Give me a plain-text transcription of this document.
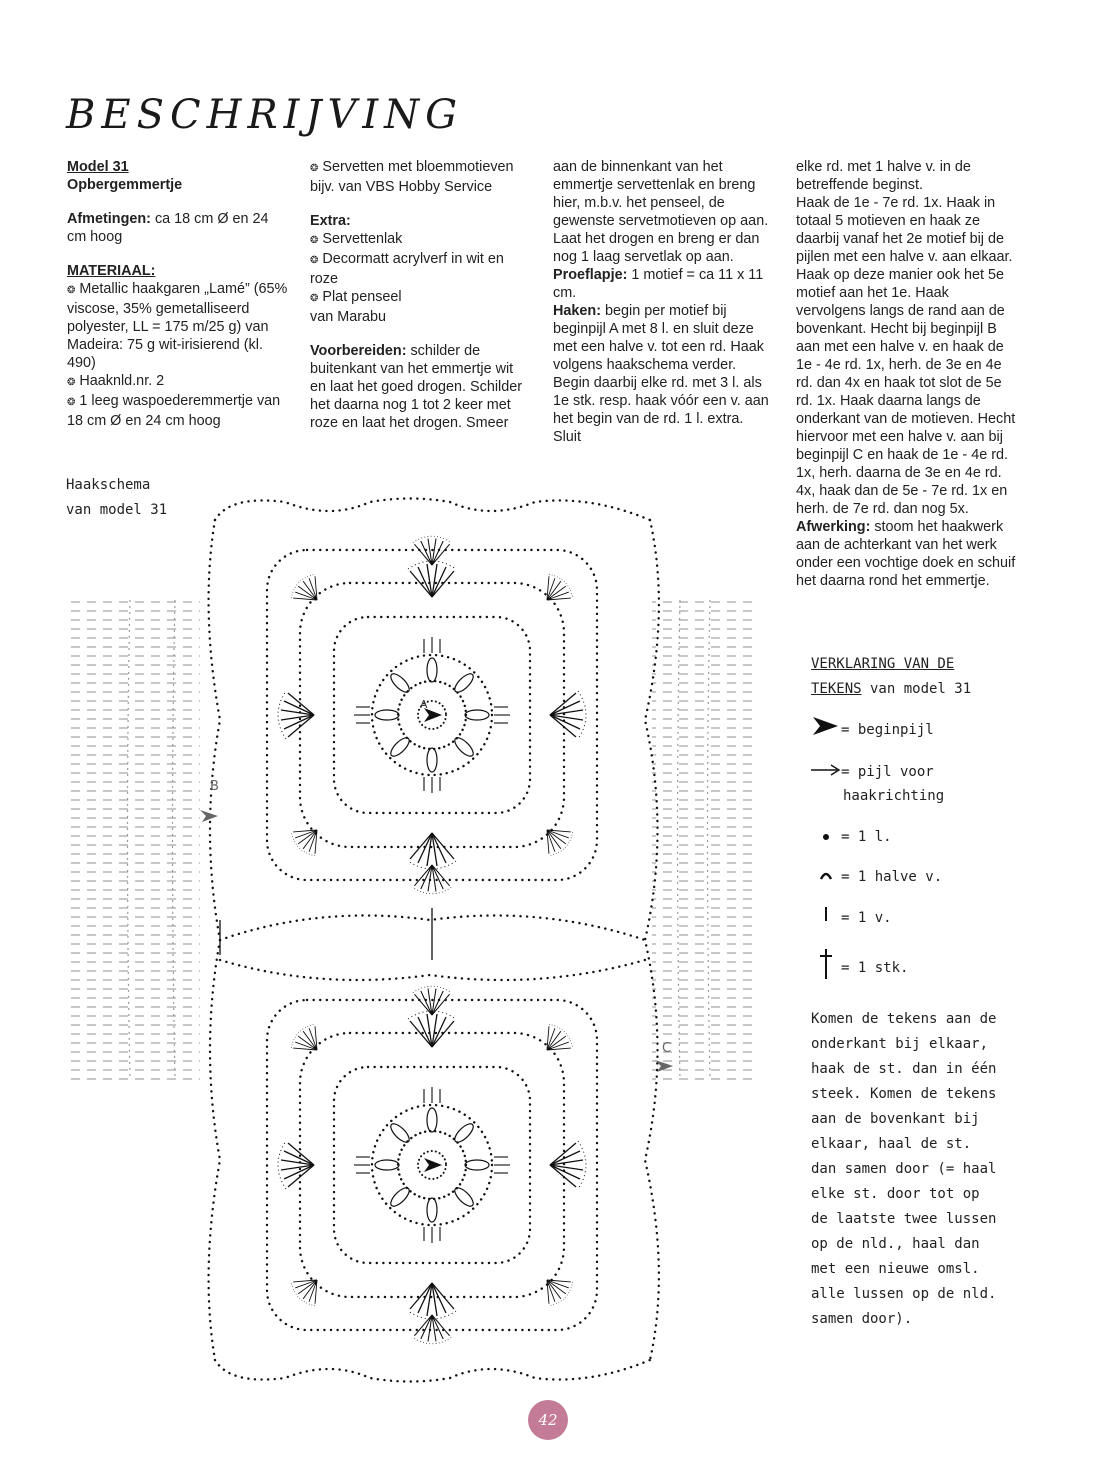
BESCHRIJVING
Model 31

Opbergemmertje

Afmetingen: ca 18 cm Ø en 24 cm hoog

MATERIAAL:
❂ Metallic haakgaren „Lamé” (65% viscose, 35% gemetalliseerd polyester, LL = 175 m/25 g) van Madeira: 75 g wit-irisierend (kl. 490)
❂ Haaknld.nr. 2
❂ 1 leeg waspoederemmertje van 18 cm Ø en 24 cm hoog

❂ Servetten met bloemmotieven bijv. van VBS Hobby Service

Extra:
❂ Servettenlak
❂ Decormatt acrylverf in wit en roze
❂ Plat penseel

van Marabu

Voorbereiden: schilder de buitenkant van het emmertje wit en laat het goed drogen. Schilder het daarna nog 1 tot 2 keer met roze en laat het drogen. Smeer

aan de binnenkant van het emmertje servettenlak en breng hier, m.b.v. het penseel, de gewenste servetmotieven op aan. Laat het drogen en breng er dan nog 1 laag servetlak op aan.
Proeflapje: 1 motief = ca 11 x 11 cm.
Haken: begin per motief bij beginpijl A met 8 l. en sluit deze met een halve v. tot een rd. Haak volgens haakschema verder. Begin daarbij elke rd. met 3 l. als 1e stk. resp. haak vóór een v. aan het begin van de rd. 1 l. extra. Sluit
elke rd. met 1 halve v. in de betreffende beginst.
Haak de 1e - 7e rd. 1x. Haak in totaal 5 motieven en haak ze daarbij vanaf het 2e motief bij de pijlen met een halve v. aan elkaar. Haak op deze manier ook het 5e motief aan het 1e. Haak vervolgens langs de rand aan de bovenkant. Hecht bij beginpijl B aan met een halve v. en haak de 1e - 4e rd. 1x, herh. de 3e en 4e rd. dan 4x en haak tot slot de 5e rd. 1x. Haak daarna langs de onderkant van de motieven. Hecht hiervoor met een halve v. aan bij beginpijl C en haak de 1e - 4e rd. 1x, herh. daarna de 3e en 4e rd. 4x, haak dan de 5e - 7e rd. 1x en herh. de 7e rd. dan nog 5x.
Afwerking: stoom het haakwerk aan de achterkant van het werk onder een vochtige doek en schuif het daarna rond het emmertje.
Haakschema
van model 31
B
C
A
VERKLARING VAN DE
TEKENS van model 31
= beginpijl
= pijl voor
haakrichting
= 1 l.
= 1 halve v.
= 1 v.
= 1 stk.
Komen de tekens aan de
onderkant bij elkaar,
haak de st. dan in één
steek. Komen de tekens
aan de bovenkant bij
elkaar, haal de st.
dan samen door (= haal
elke st. door tot op
de laatste twee lussen
op de nld., haal dan
met een nieuwe omsl.
alle lussen op de nld.
samen door).
42
